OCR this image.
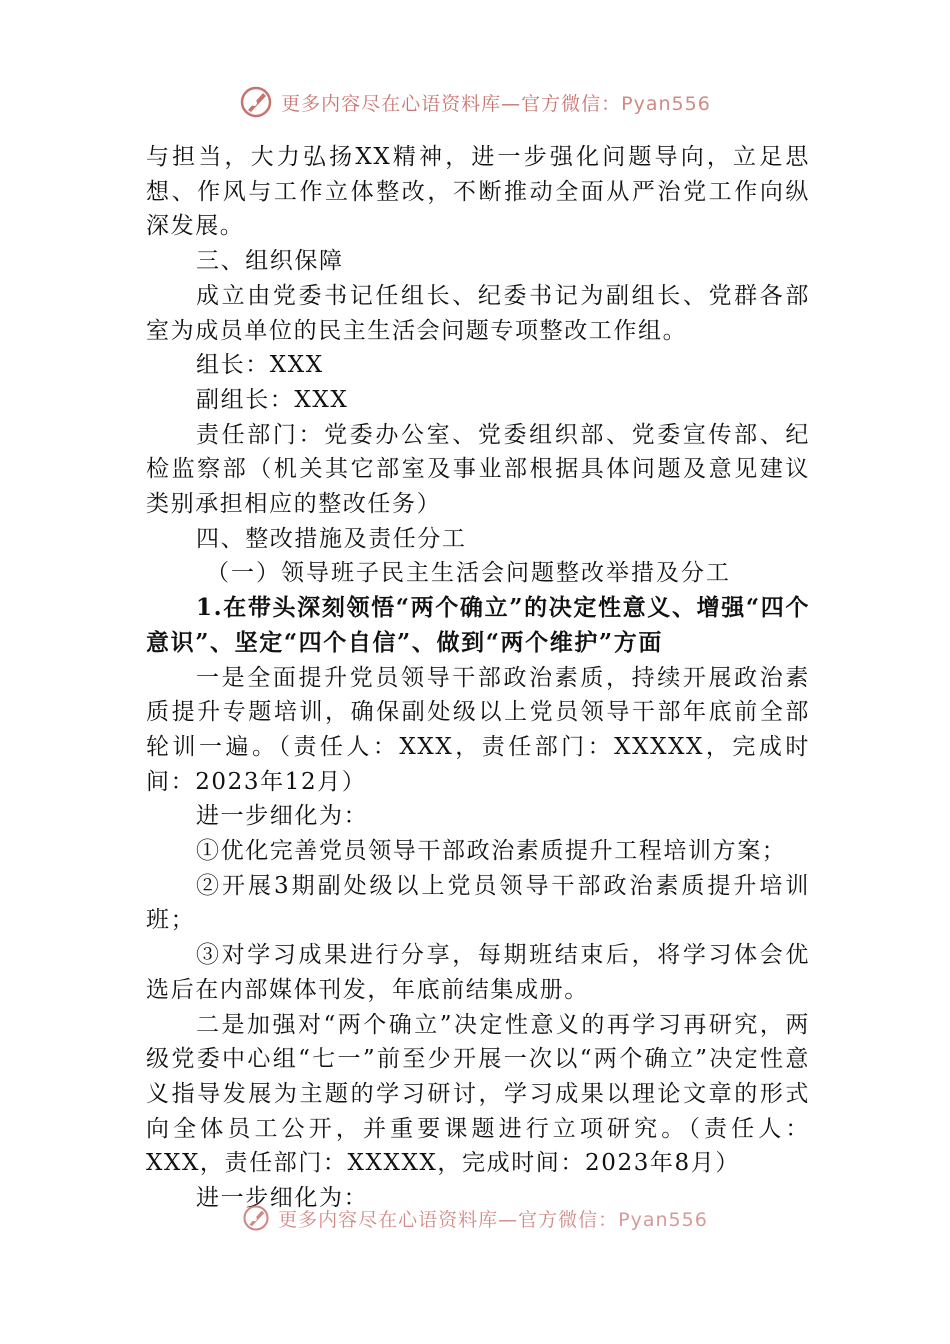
更多内容尽在心语资料库—官方微信：Pyan556

与担当，大力弘扬XX精神，进一步强化问题导向，立足思想、作风与工作立体整改，不断推动全面从严治党工作向纵深发展。

三、组织保障

成立由党委书记任组长、纪委书记为副组长、党群各部室为成员单位的民主生活会问题专项整改工作组。

组长：XXX

副组长：XXX

责任部门：党委办公室、党委组织部、党委宣传部、纪检监察部（机关其它部室及事业部根据具体问题及意见建议类别承担相应的整改任务）

四、整改措施及责任分工

（一）领导班子民主生活会问题整改举措及分工

1.在带头深刻领悟“两个确立”的决定性意义、增强“四个意识”、坚定“四个自信”、做到“两个维护”方面

一是全面提升党员领导干部政治素质，持续开展政治素质提升专题培训，确保副处级以上党员领导干部年底前全部轮训一遍。（责任人：XXX，责任部门：XXXXX，完成时间：2023年12月）

进一步细化为：

①优化完善党员领导干部政治素质提升工程培训方案；

②开展3期副处级以上党员领导干部政治素质提升培训班；

③对学习成果进行分享，每期班结束后，将学习体会优选后在内部媒体刊发，年底前结集成册。

二是加强对“两个确立”决定性意义的再学习再研究，两级党委中心组“七一”前至少开展一次以“两个确立”决定性意义指导发展为主题的学习研讨，学习成果以理论文章的形式向全体员工公开，并重要课题进行立项研究。（责任人：XXX，责任部门：XXXXX，完成时间：2023年8月）

进一步细化为：

更多内容尽在心语资料库—官方微信：Pyan556
